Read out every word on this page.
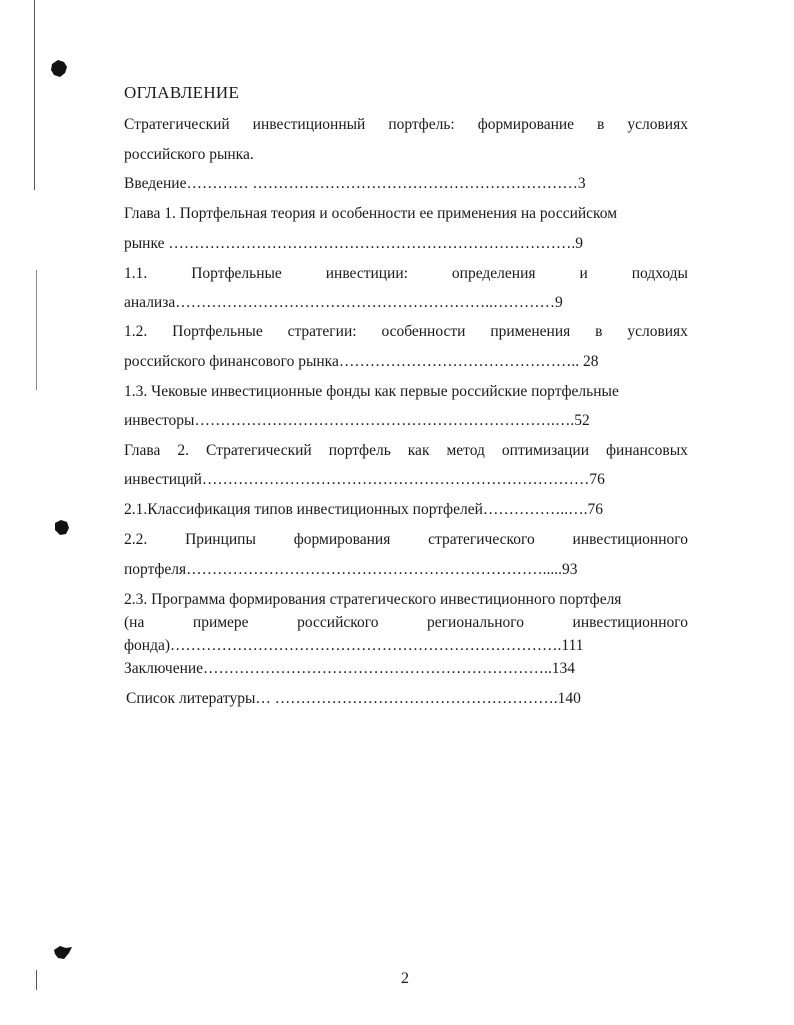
ОГЛАВЛЕНИЕ
Стратегический инвестиционный портфель: формирование в условиях
российского рынка.
Введение………… ………………………………………………………3
Глава 1. Портфельная теория и особенности ее применения на российском
рынке …………………………………………………………………….9
1.1.	Портфельные	инвестиции:	определения	и	подходы
анализа……………………………………………………..…………9
1.2. Портфельные стратегии: особенности применения в условиях
российского финансового рынка……………………………………….. 28
1.3. Чековые инвестиционные фонды как первые российские портфельные
инвесторы…………………………………………………………….….52
Глава 2. Стратегический портфель как метод оптимизации финансовых
инвестиций…………………………………………………………………76
2.1.Классификация типов инвестиционных портфелей……………..….76
2.2. Принципы формирования стратегического инвестиционного
портфеля…………………………………………………………….....93
2.3. Программа формирования стратегического инвестиционного портфеля
(на	примере	российского	регионального	инвестиционного
фонда)………………………………………………………………….111
Заключение…………………………………………………………..134
Список литературы… ……………………………………………….140
2
